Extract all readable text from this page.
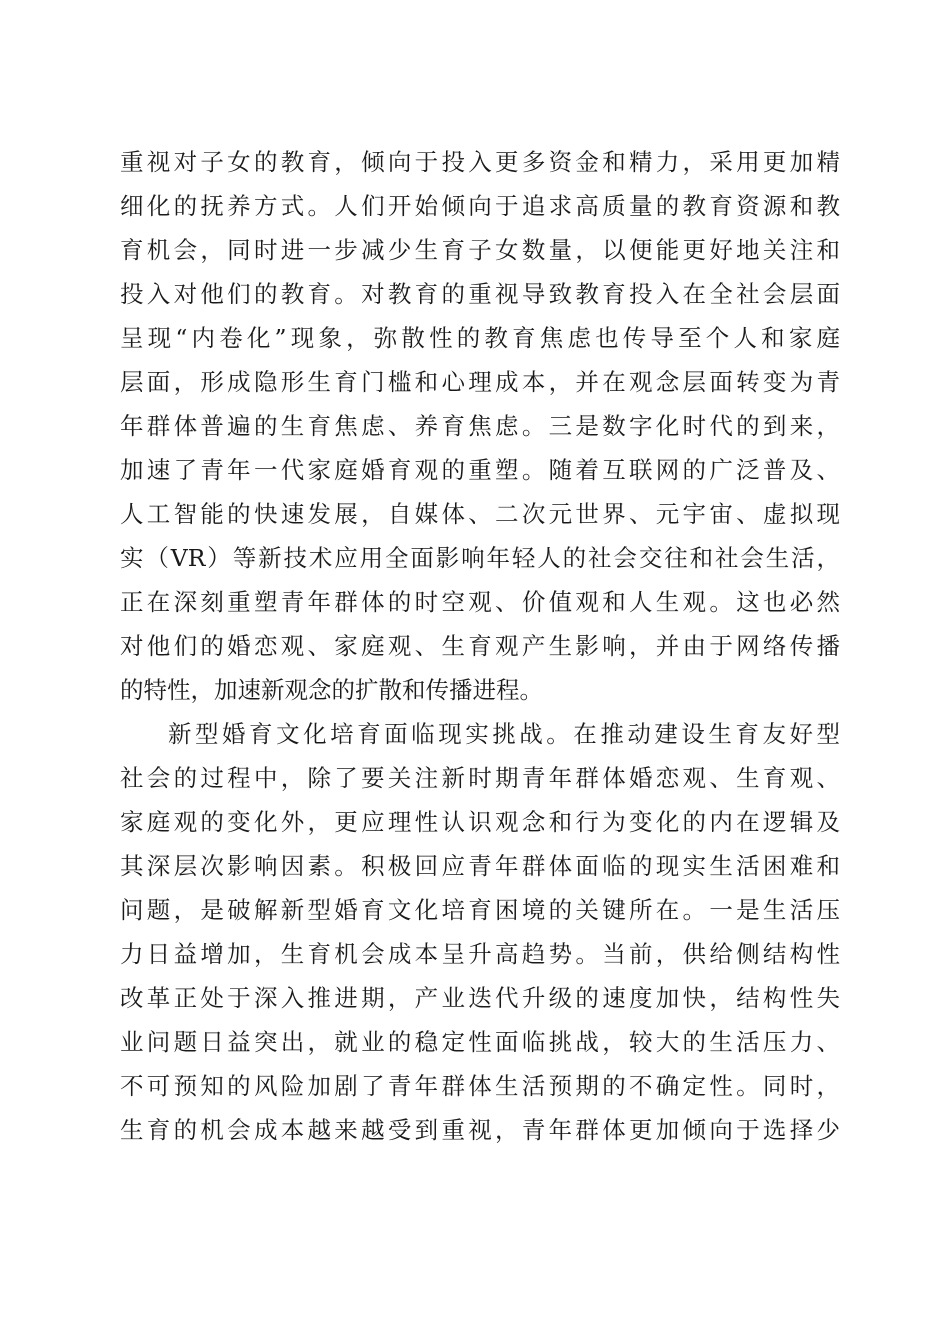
重视对子女的教育，倾向于投入更多资金和精力，采用更加精
细化的抚养方式。人们开始倾向于追求高质量的教育资源和教
育机会，同时进一步减少生育子女数量，以便能更好地关注和
投入对他们的教育。对教育的重视导致教育投入在全社会层面
呈现“内卷化”现象，弥散性的教育焦虑也传导至个人和家庭
层面，形成隐形生育门槛和心理成本，并在观念层面转变为青
年群体普遍的生育焦虑、养育焦虑。三是数字化时代的到来，
加速了青年一代家庭婚育观的重塑。随着互联网的广泛普及、
人工智能的快速发展，自媒体、二次元世界、元宇宙、虚拟现
实（VR）等新技术应用全面影响年轻人的社会交往和社会生活，
正在深刻重塑青年群体的时空观、价值观和人生观。这也必然
对他们的婚恋观、家庭观、生育观产生影响，并由于网络传播
的特性，加速新观念的扩散和传播进程。
新型婚育文化培育面临现实挑战。在推动建设生育友好型
社会的过程中，除了要关注新时期青年群体婚恋观、生育观、
家庭观的变化外，更应理性认识观念和行为变化的内在逻辑及
其深层次影响因素。积极回应青年群体面临的现实生活困难和
问题，是破解新型婚育文化培育困境的关键所在。一是生活压
力日益增加，生育机会成本呈升高趋势。当前，供给侧结构性
改革正处于深入推进期，产业迭代升级的速度加快，结构性失
业问题日益突出，就业的稳定性面临挑战，较大的生活压力、
不可预知的风险加剧了青年群体生活预期的不确定性。同时，
生育的机会成本越来越受到重视，青年群体更加倾向于选择少
